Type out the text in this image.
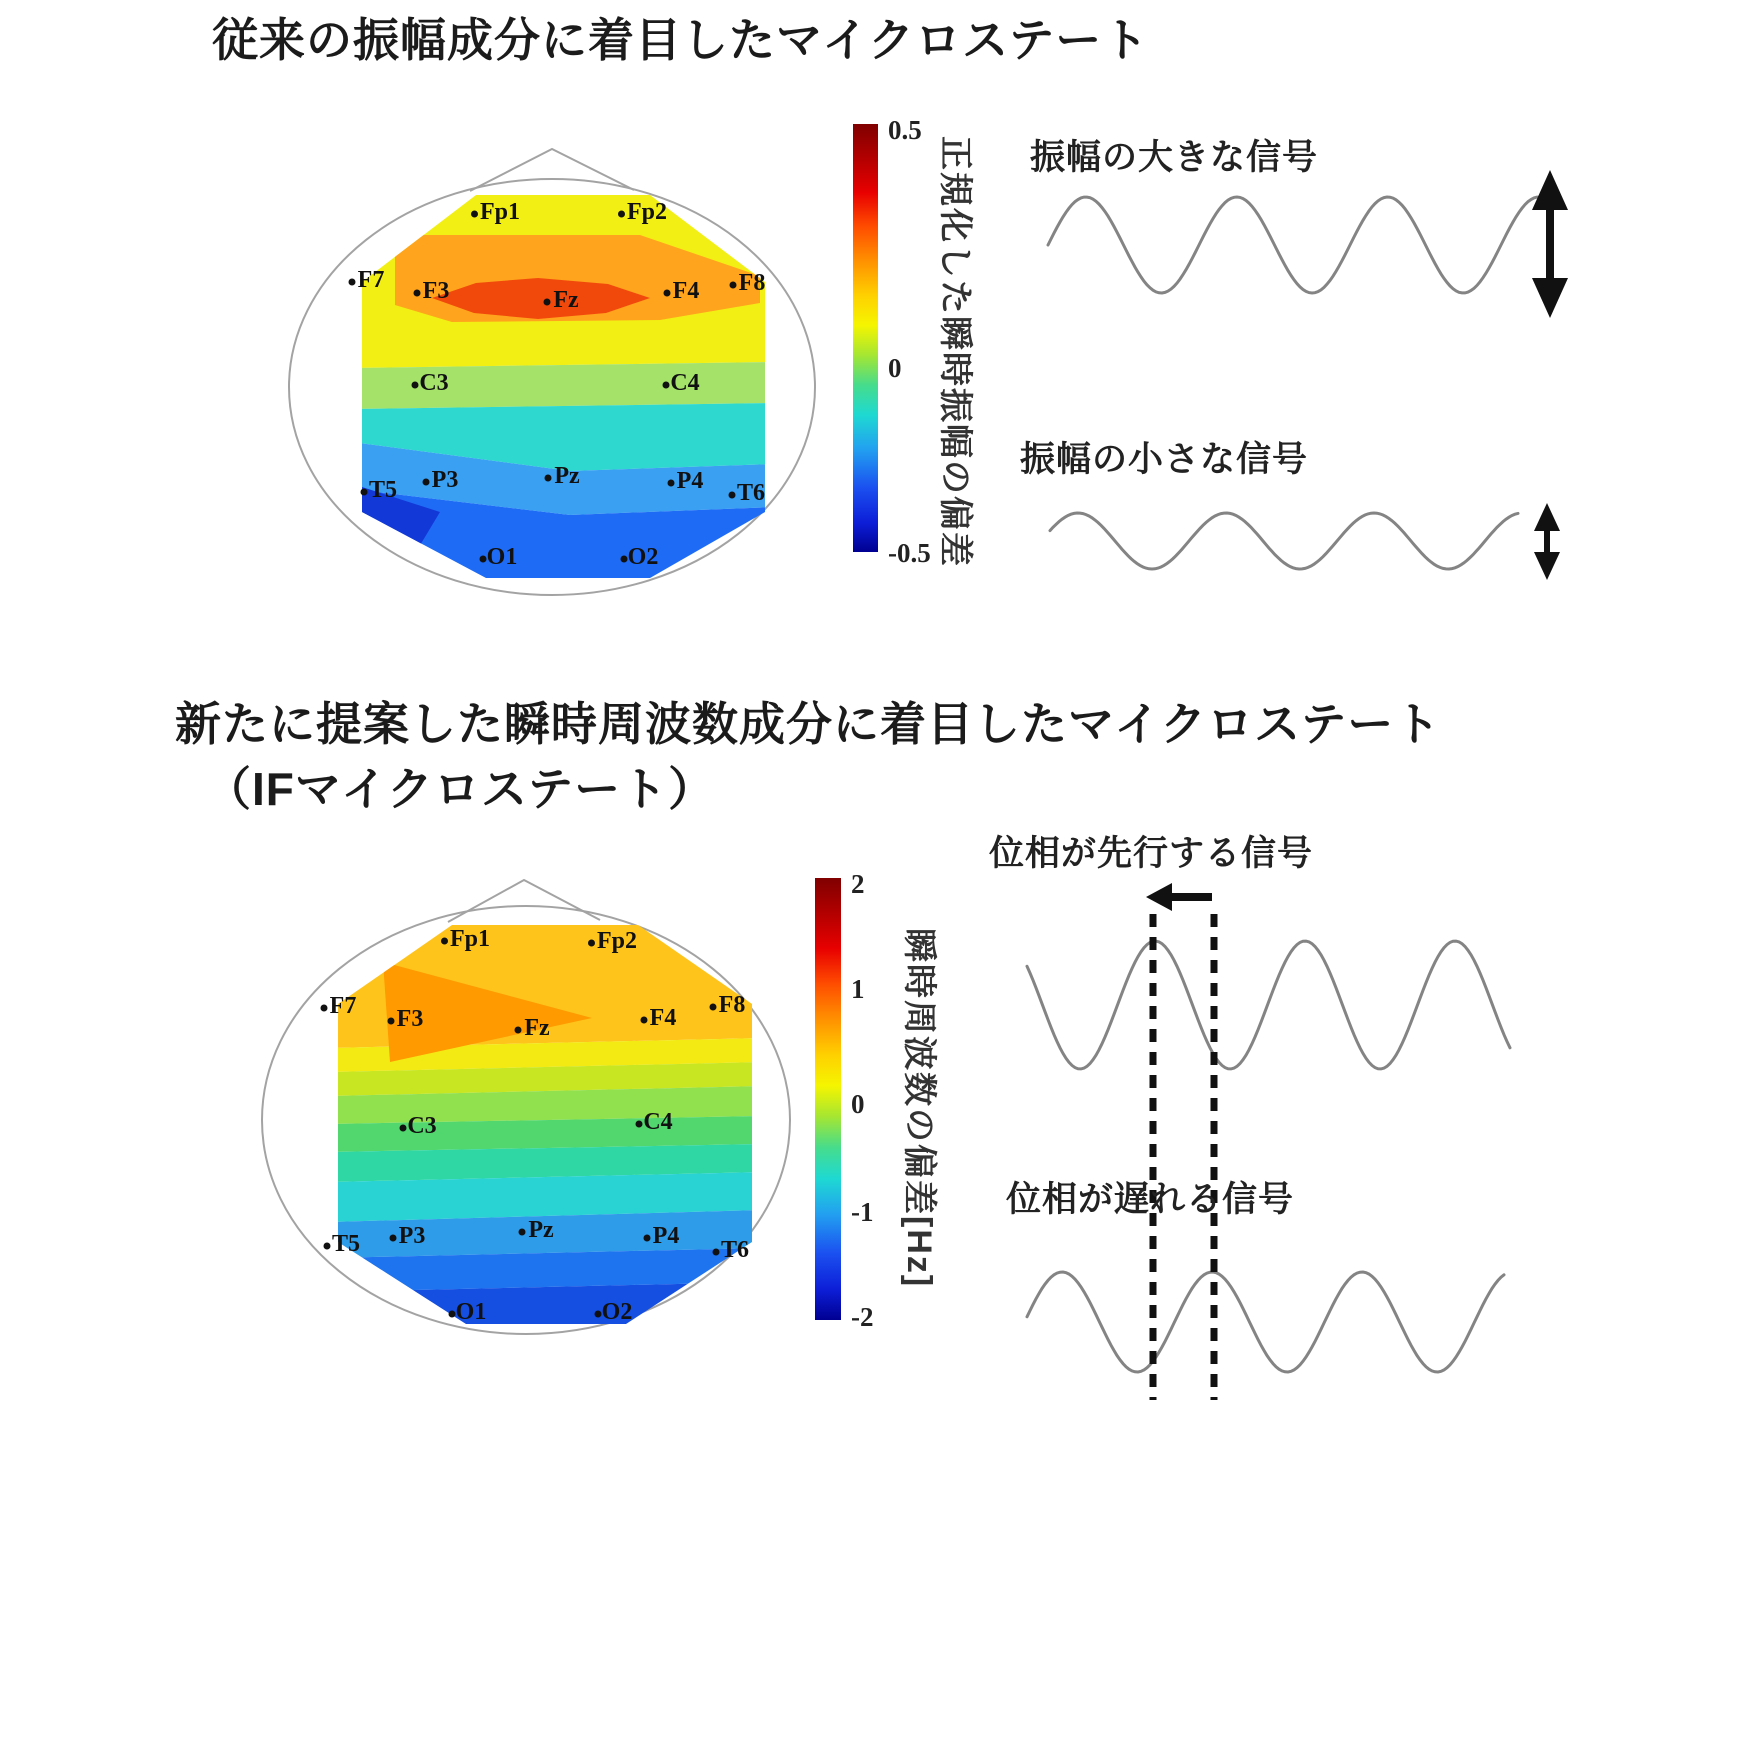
Fp1	Fp2
F7 F3	Fz	F4 F8
C3	C4
T5 P3	Pz	P4 T6
O1	O2
Fp1	Fp2
F7 F3	Fz	F4 F8
C3	C4
T5 P3	Pz	P4
T6
O1	O2
0.5
0
-0.5
2
1
0
-1
-2
従来の振幅成分に着目したマイクロステート
振幅の大きな信号
振幅の小さな信号
正規化した瞬時振幅の偏差
新たに提案した瞬時周波数成分に着目したマイクロステート
（IFマイクロステート）
瞬時周波数の偏差[Hz]
位相が先行する信号
位相が遅れる信号
